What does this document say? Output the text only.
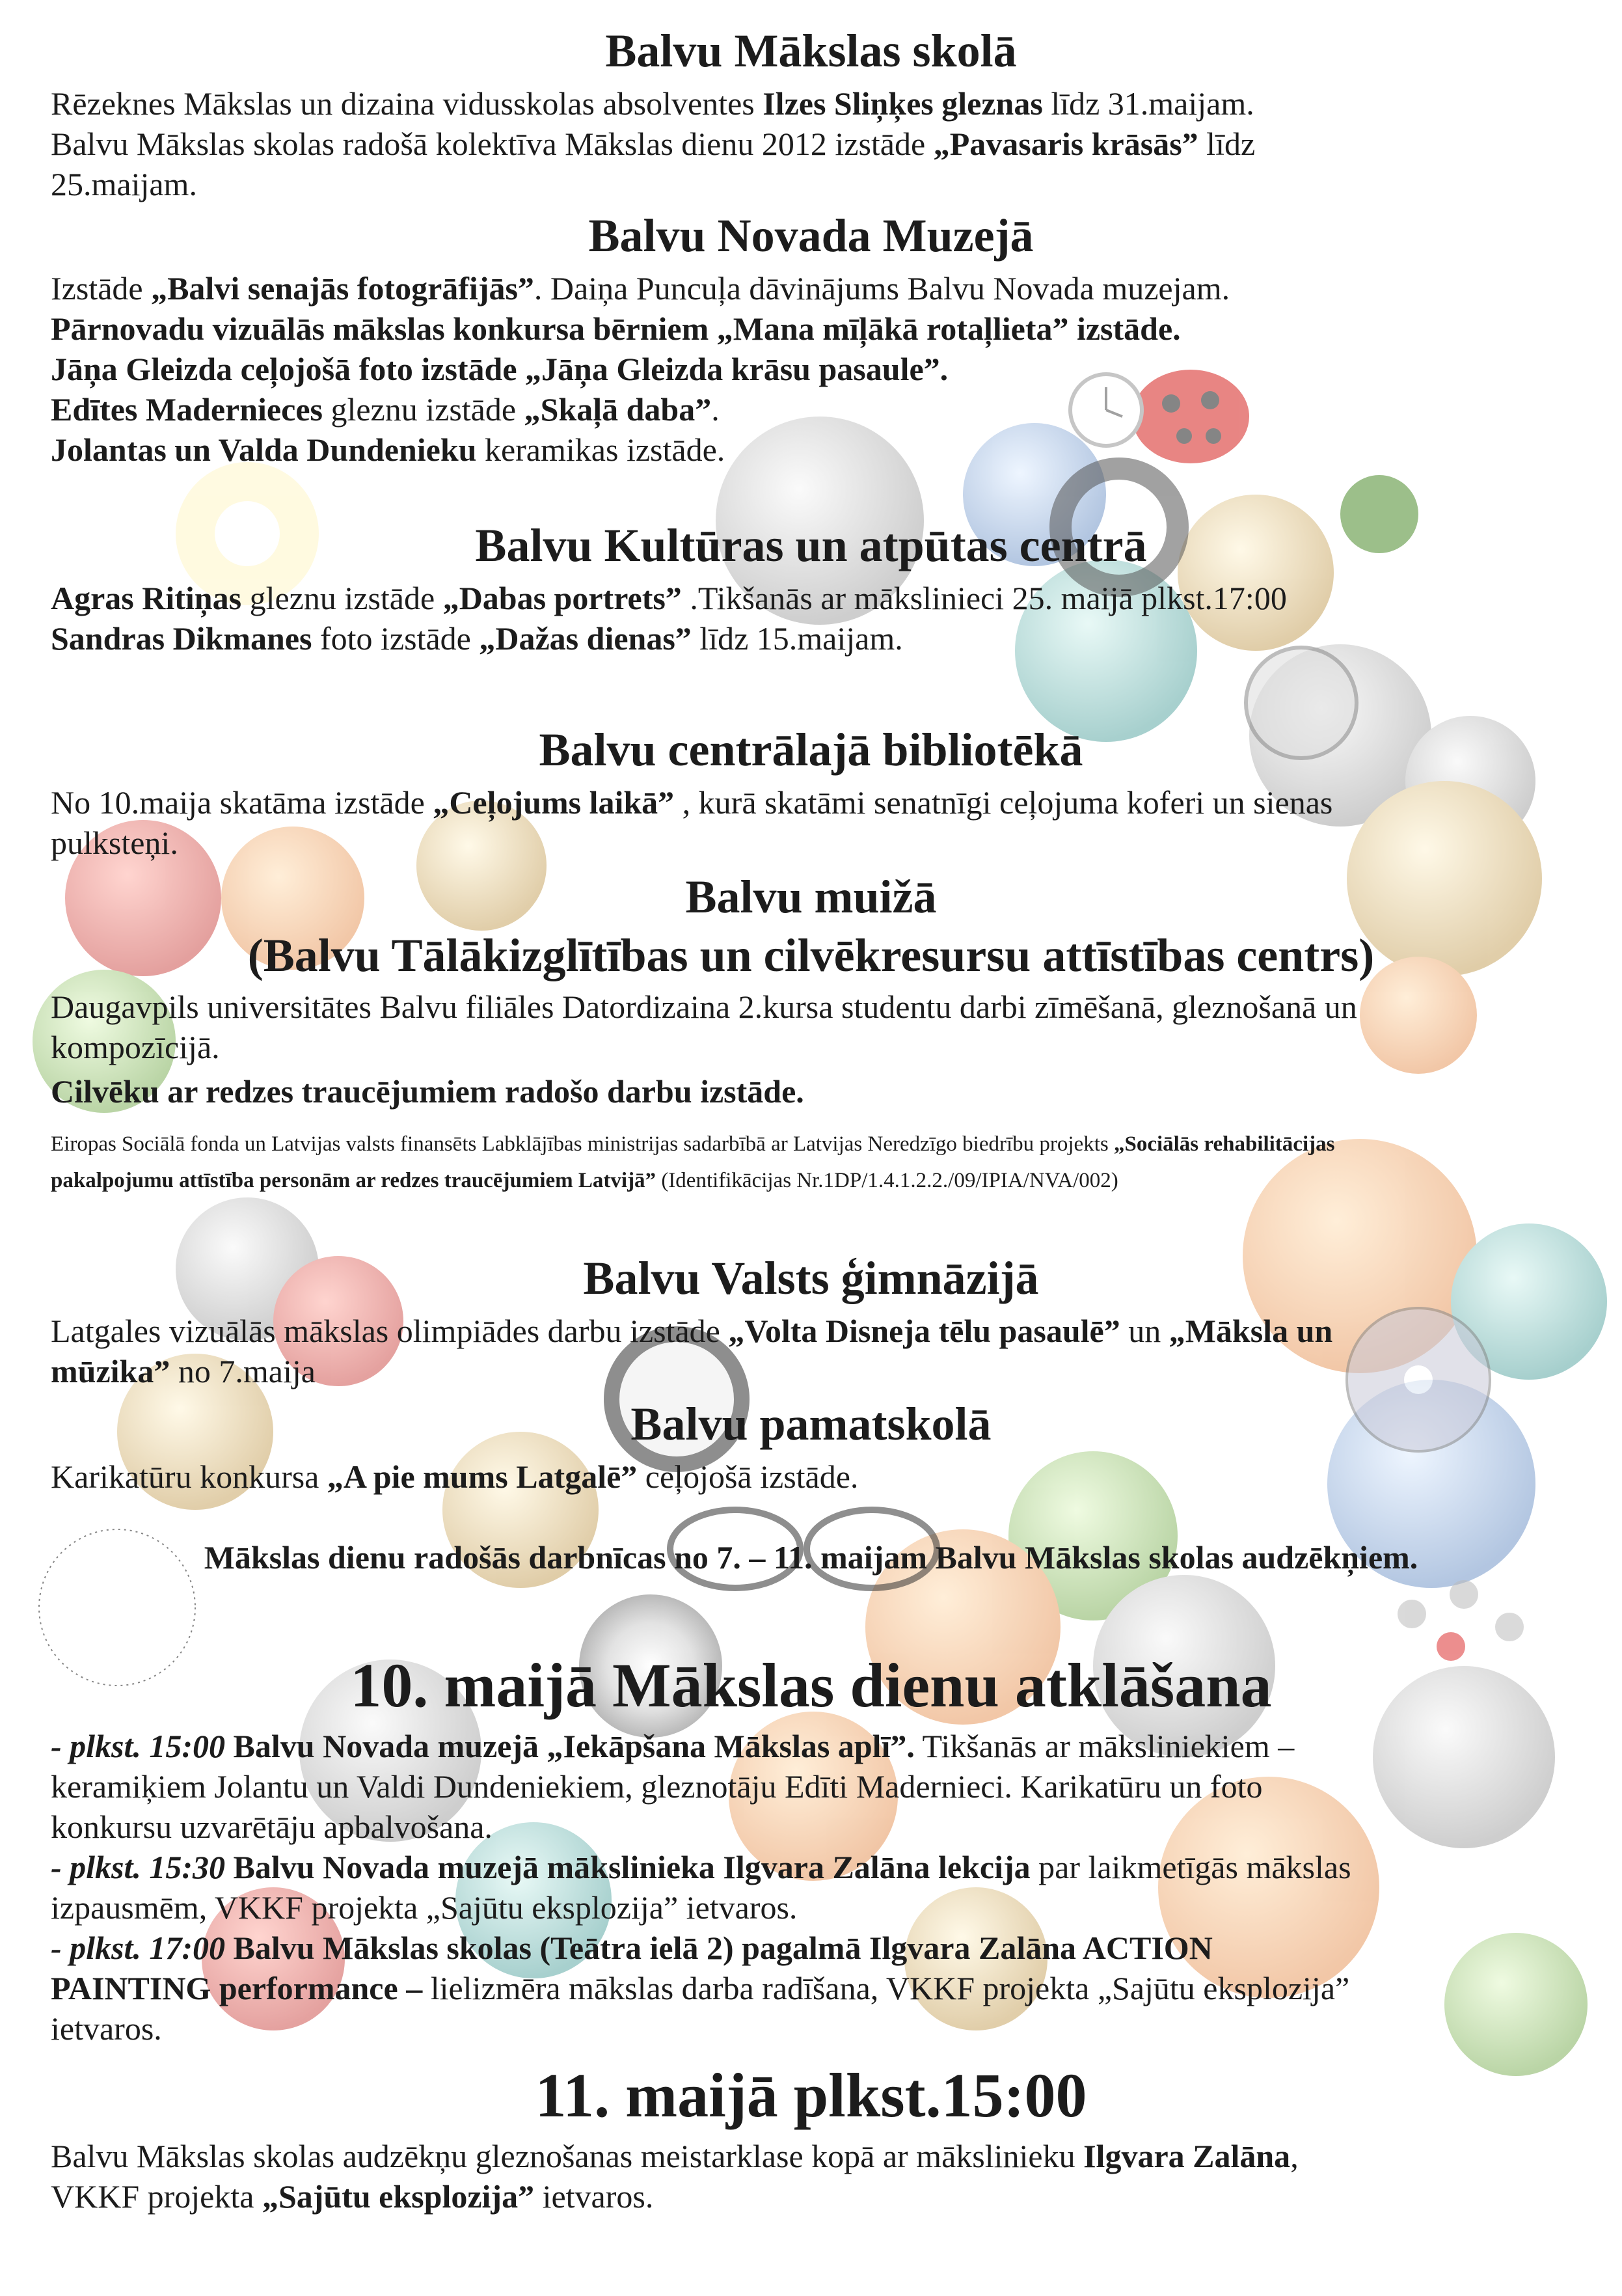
Balvu Mākslas skolā

Rēzeknes Mākslas un dizaina vidusskolas absolventes Ilzes Sliņķes gleznas līdz 31.maijam.

Balvu Mākslas skolas radošā kolektīva Mākslas dienu 2012 izstāde „Pavasaris krāsās” līdz

25.maijam.

Balvu Novada Muzejā

Izstāde „Balvi senajās fotogrāfijās”. Daiņa Puncuļa dāvinājums Balvu Novada muzejam.

Pārnovadu vizuālās mākslas konkursa bērniem „Mana mīļākā rotaļlieta” izstāde.

Jāņa Gleizda ceļojošā foto izstāde „Jāņa Gleizda krāsu pasaule”.

Edītes Madernieces gleznu izstāde „Skaļā daba”.

Jolantas un Valda Dundenieku keramikas izstāde.

Balvu Kultūras un atpūtas centrā

Agras Ritiņas gleznu izstāde „Dabas portrets” .Tikšanās ar mākslinieci 25. maijā plkst.17:00

Sandras Dikmanes foto izstāde „Dažas dienas” līdz 15.maijam.

Balvu centrālajā bibliotēkā

No 10.maija skatāma izstāde „Ceļojums laikā” , kurā skatāmi senatnīgi ceļojuma koferi un sienas

pulksteņi.

Balvu muižā
(Balvu Tālākizglītības un cilvēkresursu attīstības centrs)

Daugavpils universitātes Balvu filiāles Datordizaina 2.kursa studentu darbi zīmēšanā, gleznošanā un

kompozīcijā.

Cilvēku ar redzes traucējumiem radošo darbu izstāde.

Eiropas Sociālā fonda un Latvijas valsts finansēts Labklājības ministrijas sadarbībā ar Latvijas Neredzīgo biedrību projekts „Sociālās rehabilitācijas

pakalpojumu attīstība personām ar redzes traucējumiem Latvijā” (Identifikācijas Nr.1DP/1.4.1.2.2./09/IPIA/NVA/002)

Balvu Valsts ģimnāzijā

Latgales vizuālās mākslas olimpiādes darbu izstāde „Volta Disneja tēlu pasaulē” un „Māksla un

mūzika” no 7.maija

Balvu pamatskolā

Karikatūru konkursa „A pie mums Latgalē” ceļojošā izstāde.

Mākslas dienu radošās darbnīcas no 7. – 11. maijam Balvu Mākslas skolas audzēkņiem.

10. maijā Mākslas dienu atklāšana

- plkst. 15:00 Balvu Novada muzejā „Iekāpšana Mākslas aplī”. Tikšanās ar māksliniekiem –

keramiķiem Jolantu un Valdi Dundeniekiem, gleznotāju Edīti Madernieci. Karikatūru un foto

konkursu uzvarētāju apbalvošana.

- plkst. 15:30 Balvu Novada muzejā mākslinieka Ilgvara Zalāna lekcija par laikmetīgās mākslas

izpausmēm, VKKF projekta „Sajūtu eksplozija” ietvaros.

- plkst. 17:00 Balvu Mākslas skolas (Teātra ielā 2) pagalmā Ilgvara Zalāna ACTION

PAINTING performance – lielizmēra mākslas darba radīšana, VKKF projekta „Sajūtu eksplozija”

ietvaros.

11. maijā plkst.15:00

Balvu Mākslas skolas audzēkņu gleznošanas meistarklase kopā ar mākslinieku Ilgvara Zalāna,

VKKF projekta „Sajūtu eksplozija” ietvaros.
